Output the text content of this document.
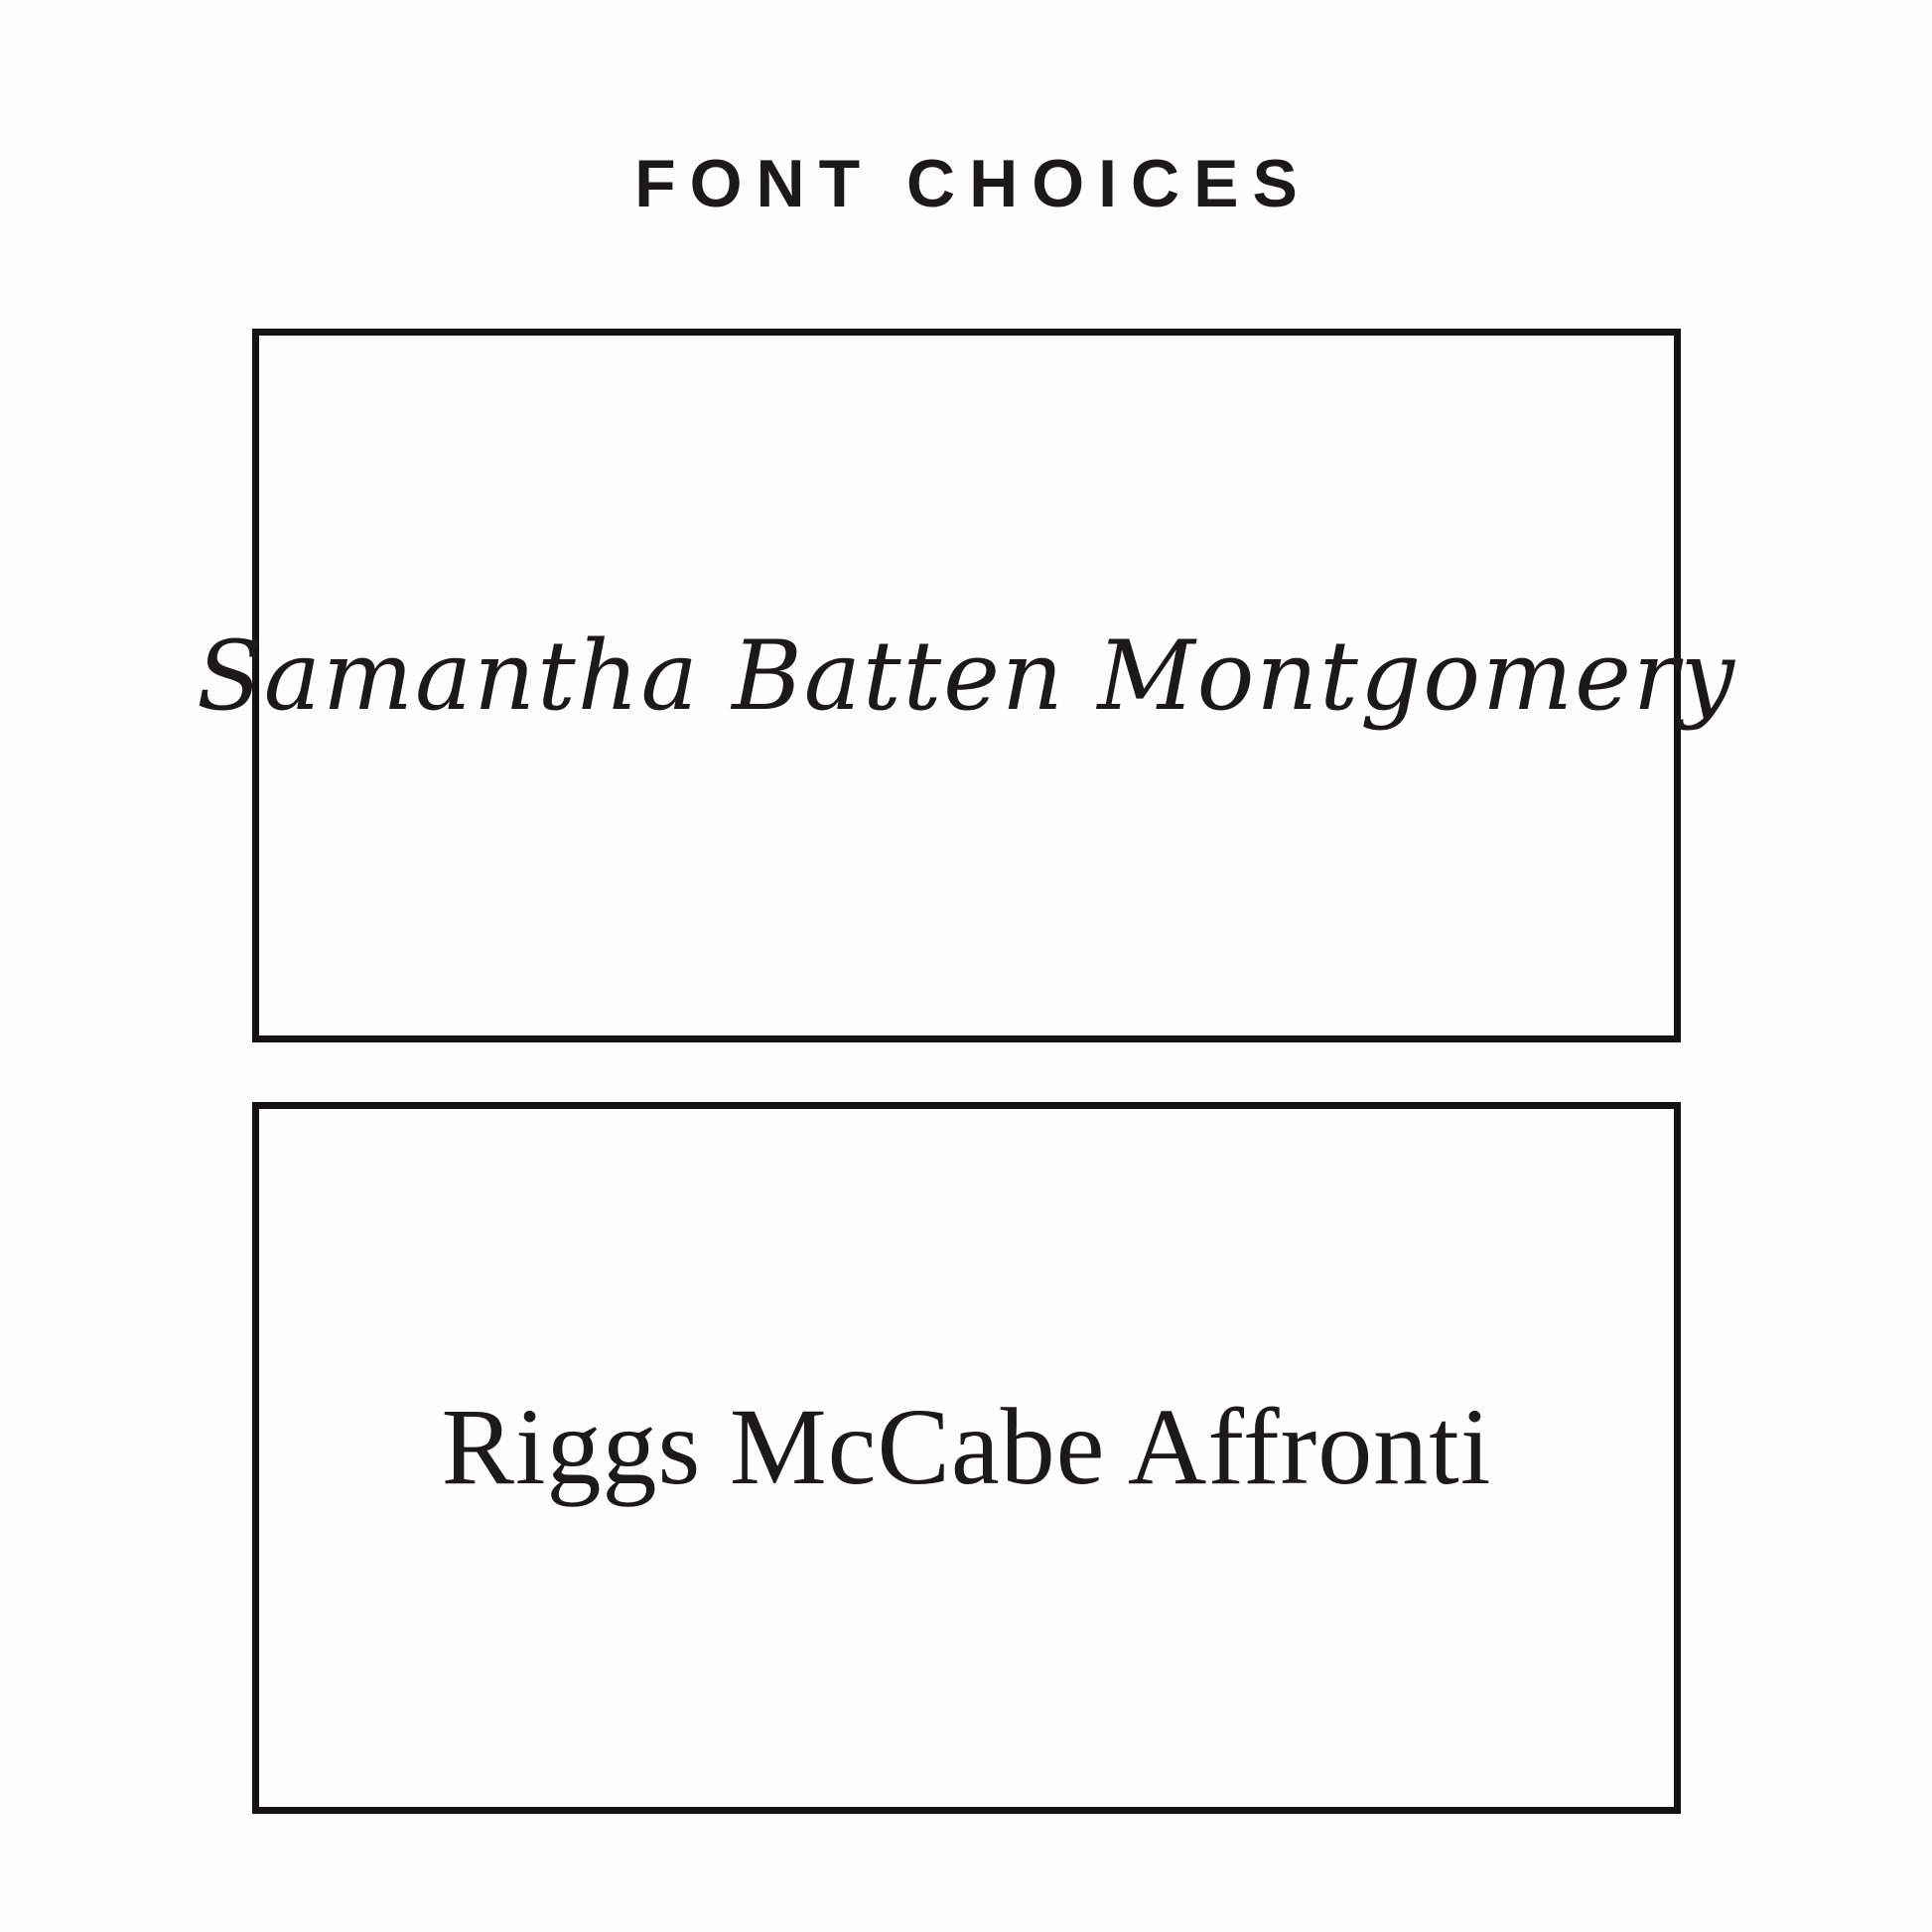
FONT CHOICES
Samantha Batten Montgomery
Riggs McCabe Affronti
